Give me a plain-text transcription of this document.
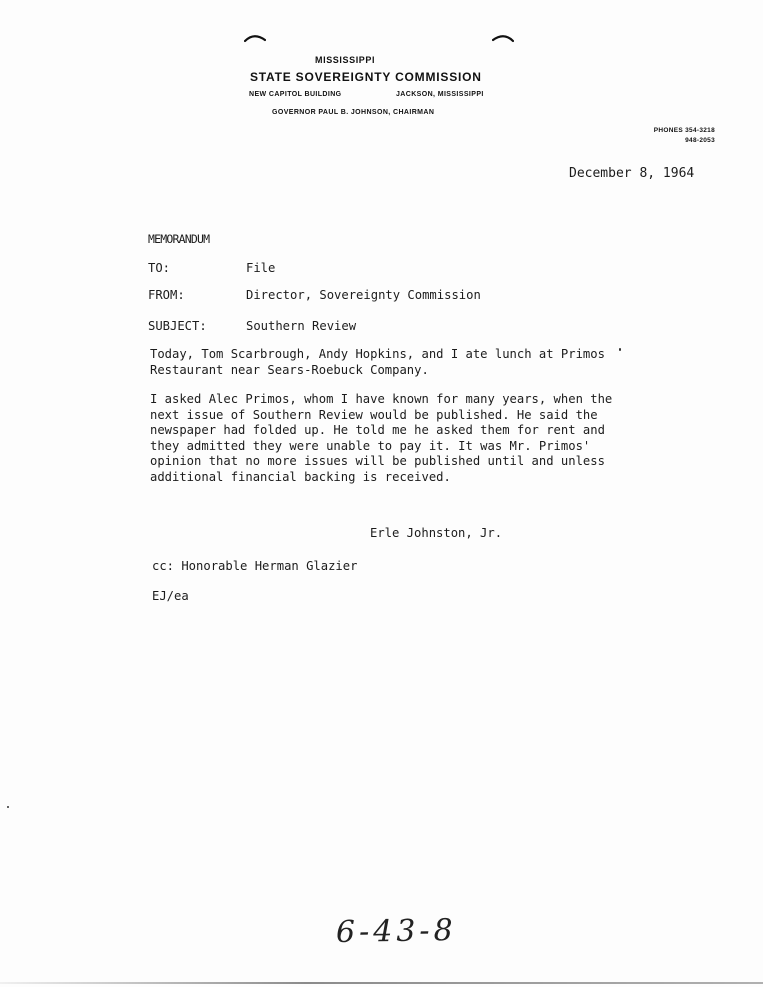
MISSISSIPPI
STATE SOVEREIGNTY COMMISSION
NEW CAPITOL BUILDING	JACKSON, MISSISSIPPI
GOVERNOR PAUL B. JOHNSON, CHAIRMAN
PHONES 354-3218
948-2053
December 8, 1964
MEMORANDUM
TO:	File
FROM:	Director, Sovereignty Commission
SUBJECT:	Southern Review
Today, Tom Scarbrough, Andy Hopkins, and I ate lunch at Primos
Restaurant near Sears-Roebuck Company.
I asked Alec Primos, whom I have known for many years, when the
next issue of Southern Review would be published. He said the
newspaper had folded up. He told me he asked them for rent and
they admitted they were unable to pay it. It was Mr. Primos'
opinion that no more issues will be published until and unless
additional financial backing is received.
Erle Johnston, Jr.
cc: Honorable Herman Glazier
EJ/ea
6-43-8
